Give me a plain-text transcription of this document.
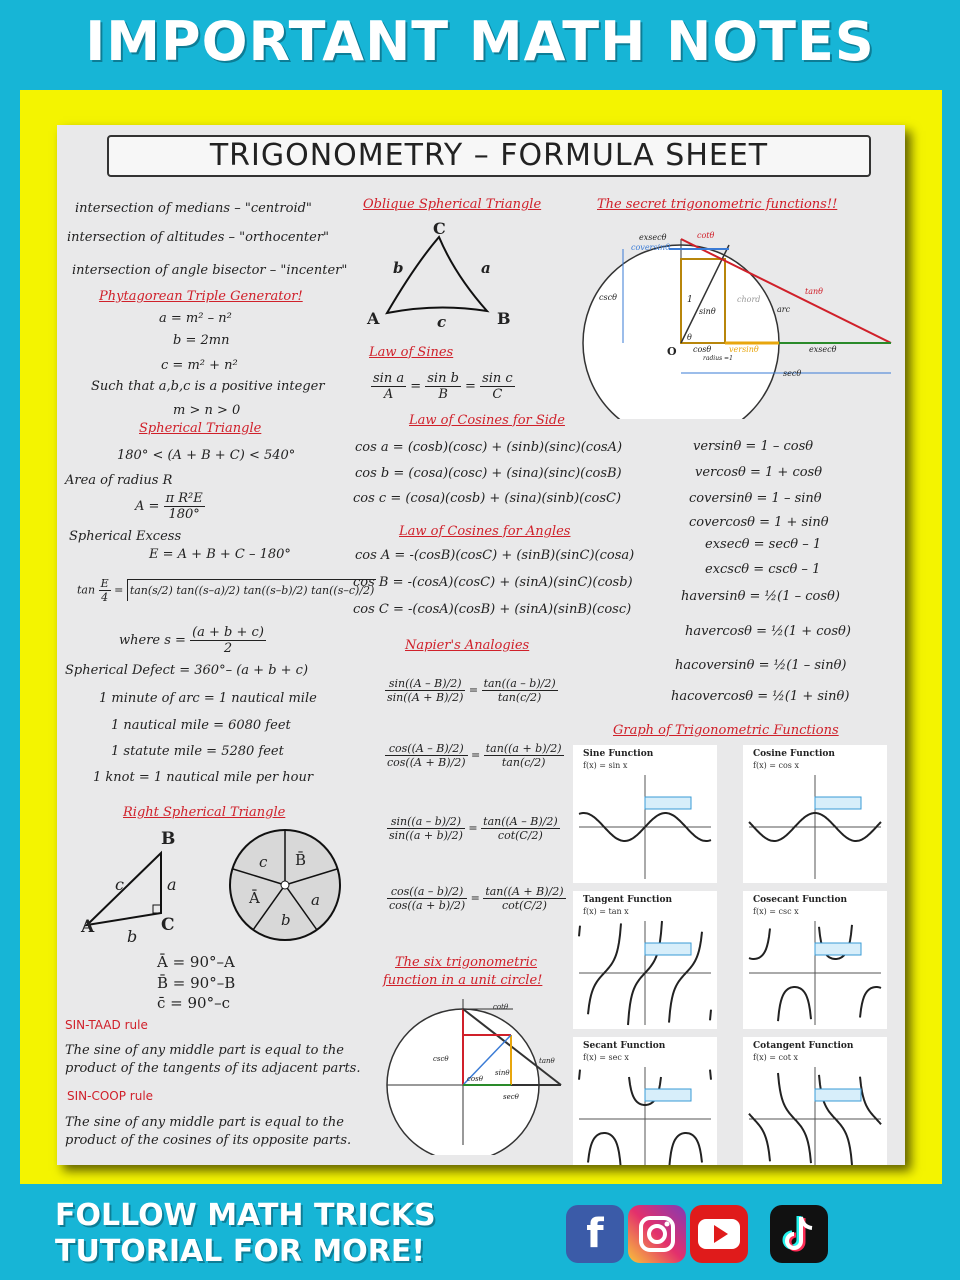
IMPORTANT MATH NOTES
TRIGONOMETRY – FORMULA SHEET
intersection of medians – "centroid"
intersection of altitudes – "orthocenter"
intersection of angle bisector – "incenter"
Phytagorean Triple Generator!
a = m² – n²
b = 2mn
c = m² + n²
Such that a,b,c is a positive integer
m > n > 0
Spherical Triangle
180° < (A + B + C) < 540°
Area of radius R
$A = \frac{\text{π R²E}}{180^\circ}$
Spherical Excess
E = A + B + C – 180°
$\tan \frac{E}{4} = \tan(s/2)$ tan((s–a)/2) tan((s–b)/2) tan((s–c)/2)
where $s = \frac{(a + b + c)}{2}$
Spherical Defect = 360°– (a + b + c)
1 minute of arc = 1 nautical mile
1 nautical mile = 6080 feet
1 statute mile = 5280 feet
1 knot = 1 nautical mile per hour
Right Spherical Triangle
B
c	a
A b
C
c B̄
Ā	a
b
Ā = 90°–A
B̄ = 90°–B
c̄ = 90°–c
SIN-TAAD rule
The sine of any middle part is equal to the
product of the tangents of its adjacent parts.
SIN-COOP rule
The sine of any middle part is equal to the
product of the cosines of its opposite parts.
Oblique Spherical Triangle
C
b	a
A	c	B
Law of Sines
$\frac{\text{sin a}}{A} = \frac{\text{sin b}}{B} = \frac{\text{sin c}}{C}$
Law of Cosines for Side
cos a = (cosb)(cosc) + (sinb)(sinc)(cosA)
cos b = (cosa)(cosc) + (sina)(sinc)(cosB)
cos c = (cosa)(cosb) + (sina)(sinb)(cosC)
Law of Cosines for Angles
cos A = -(cosB)(cosC) + (sinB)(sinC)(cosa)
cos B = -(cosA)(cosC) + (sinA)(sinC)(cosb)
cos C = -(cosA)(cosB) + (sinA)(sinB)(cosc)
Napier's Analogies
$\frac{\sin((A - B)/2)}{\sin((A + B)/2)} = \frac{\tan((a - b)/2)}{\tan(c/2)}$
$\frac{\cos((A - B)/2)}{\cos((A + B)/2)} = \frac{\tan((a + b)/2)}{\tan(c/2)}$
$\frac{\sin((a - b)/2)}{\sin((a + b)/2)} = \frac{\tan((A - B)/2)}{\cot(C/2)}$
$\frac{\cos((a - b)/2)}{\cos((a + b)/2)} = \frac{\tan((A + B)/2)}{\cot(C/2)}$
The six trigonometric
function in a unit circle!
cotθ
cscθ	tanθ
secθ
sinθ
cosθ
The secret trigonometric functions!!
exsecθ	cotθ
coversinθ
cscθ	1
sinθ
chord
tanθ
arc
θ
O cosθ versinθ	exsecθ
radius =1
secθ
versinθ = 1 – cosθ
vercosθ = 1 + cosθ
coversinθ = 1 – sinθ
covercosθ = 1 + sinθ
exsecθ = secθ – 1
excscθ = cscθ – 1
haversinθ = ½(1 – cosθ)
havercosθ = ½(1 + cosθ)
hacoversinθ = ½(1 – sinθ)
hacovercosθ = ½(1 + sinθ)
Graph of Trigonometric Functions
Sine Function
f(x) = sin x
Cosine Function
f(x) = cos x
Tangent Function
f(x) = tan x
Cosecant Function
f(x) = csc x
Secant Function
f(x) = sec x
Cotangent Function
f(x) = cot x
FOLLOW MATH TRICKS
TUTORIAL FOR MORE!	f
